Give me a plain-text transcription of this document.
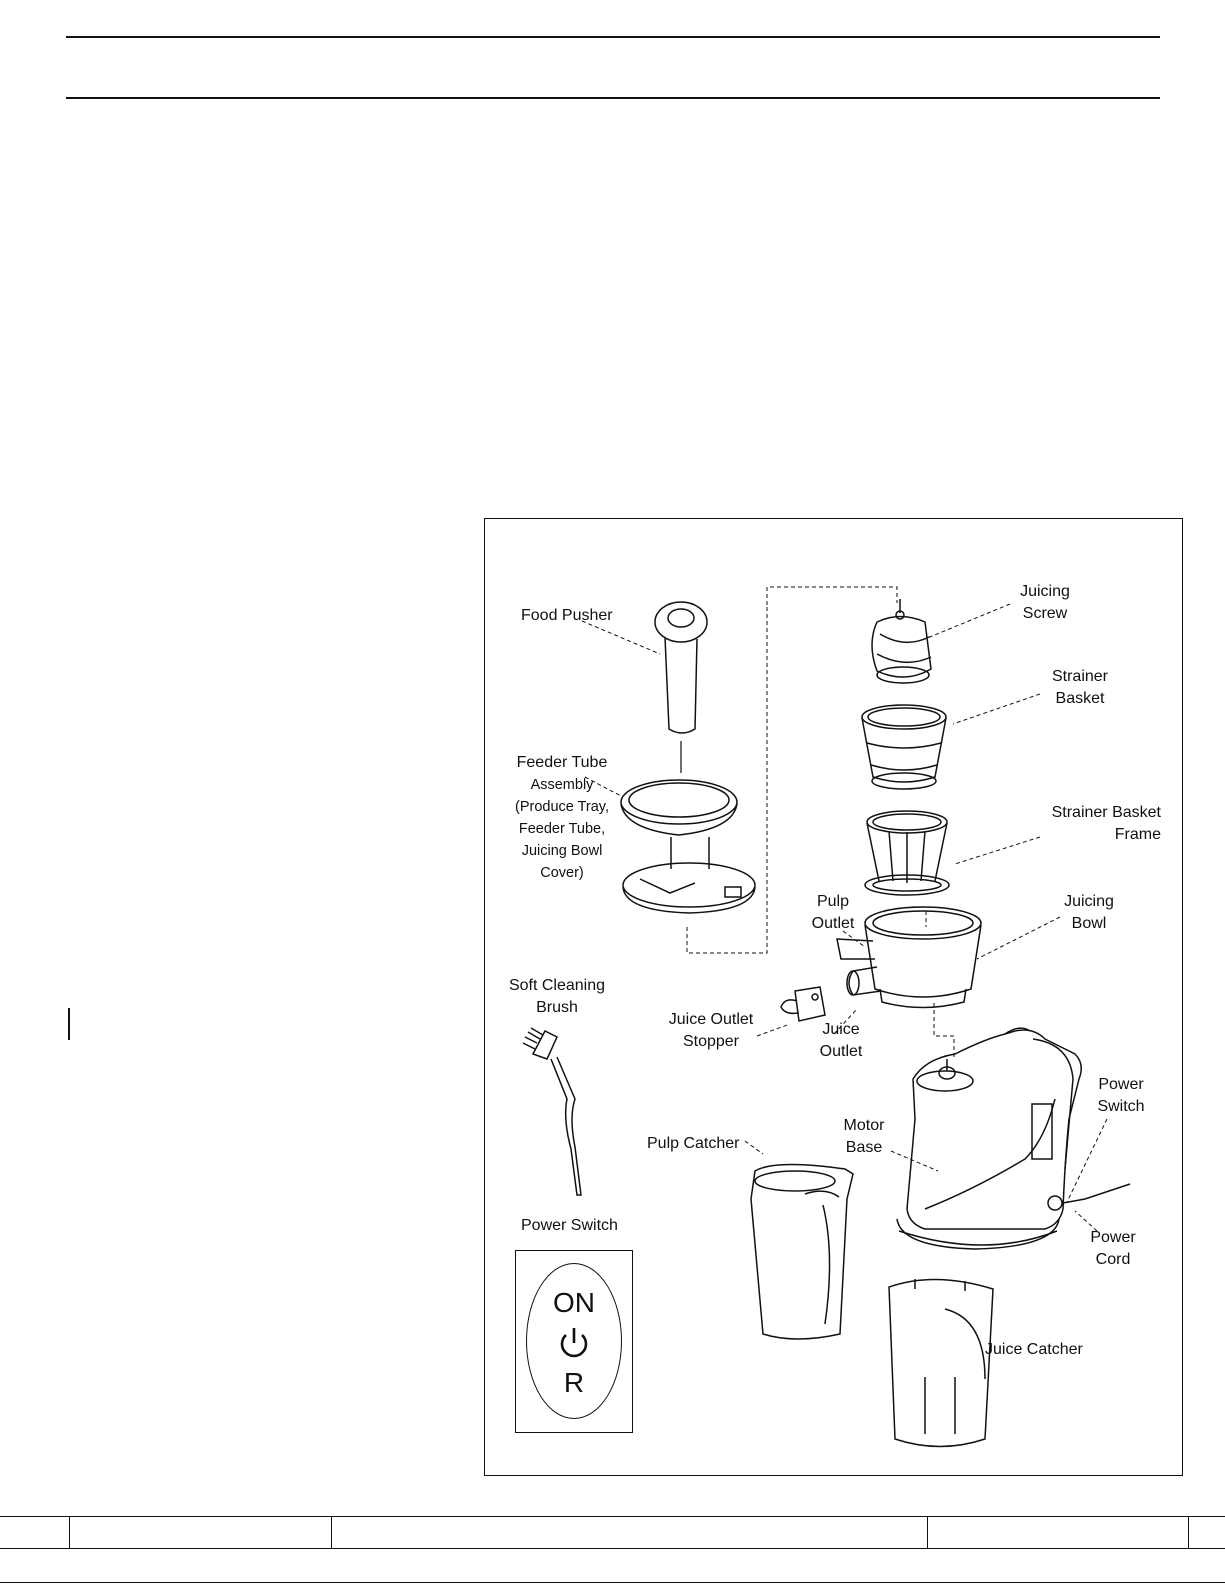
Food Pusher
Feeder Tube
Assembly
(Produce Tray,
Feeder Tube,
Juicing Bowl
Cover)
Juicing
Screw
Strainer
Basket
Strainer Basket
Frame
Pulp
Outlet
Juicing
Bowl
Soft Cleaning
Brush
Juice Outlet
Stopper
Juice
Outlet
Power
Switch
Motor
Base
Pulp Catcher
Power
Cord
Juice Catcher
Power Switch
ON
R
